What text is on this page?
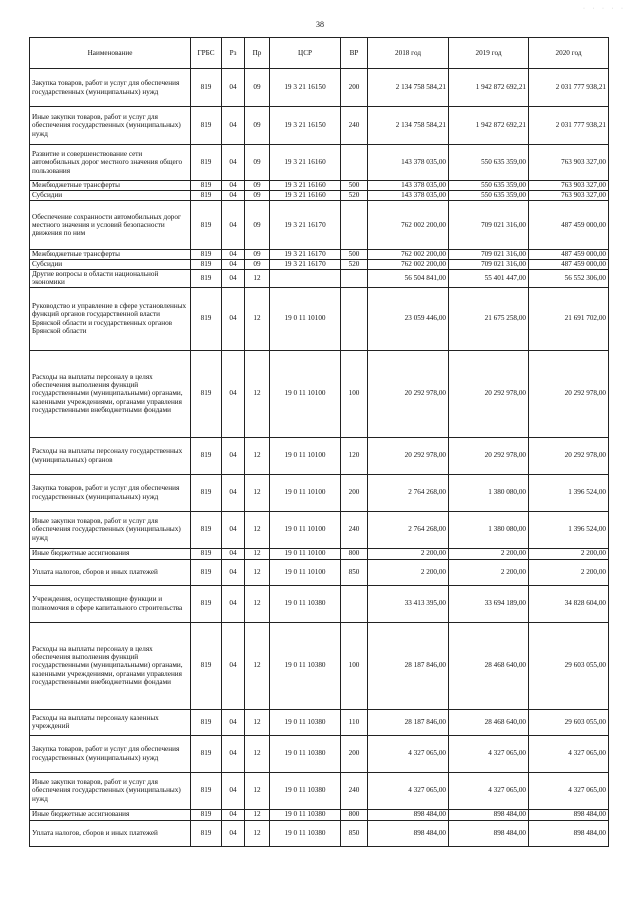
· · · · ·
38
Наименование	ГРБС	Рз	Пр	ЦСР	ВР	2018 год	2019 год	2020 год
Закупка товаров, работ и услуг для обеспечения государственных (муниципальных) нужд	819	04	09	19 3 21 16150	200	2 134 758 584,21	1 942 872 692,21	2 031 777 938,21
Иные закупки товаров, работ и услуг для обеспечения государственных (муниципальных) нужд	819	04	09	19 3 21 16150	240	2 134 758 584,21	1 942 872 692,21	2 031 777 938,21
Развитие и совершенствование сети автомобильных дорог местного значения общего пользования	819	04	09	19 3 21 16160		143 378 035,00	550 635 359,00	763 903 327,00
Межбюджетные трансферты	819	04	09	19 3 21 16160	500	143 378 035,00	550 635 359,00	763 903 327,00
Субсидии	819	04	09	19 3 21 16160	520	143 378 035,00	550 635 359,00	763 903 327,00
Обеспечение сохранности автомобильных дорог местного значения и условий безопасности движения по ним	819	04	09	19 3 21 16170		762 002 200,00	709 021 316,00	487 459 000,00
Межбюджетные трансферты	819	04	09	19 3 21 16170	500	762 002 200,00	709 021 316,00	487 459 000,00
Субсидии	819	04	09	19 3 21 16170	520	762 002 200,00	709 021 316,00	487 459 000,00
Другие вопросы в области национальной экономики	819	04	12			56 504 841,00	55 401 447,00	56 552 306,00
Руководство и управление в сфере установленных функций органов государственной власти Брянской области и государственных органов Брянской области	819	04	12	19 0 11 10100		23 059 446,00	21 675 258,00	21 691 702,00
Расходы на выплаты персоналу в целях обеспечения выполнения функций государственными (муниципальными) органами, казенными учреждениями, органами управления государственными внебюджетными фондами	819	04	12	19 0 11 10100	100	20 292 978,00	20 292 978,00	20 292 978,00
Расходы на выплаты персоналу государственных (муниципальных) органов	819	04	12	19 0 11 10100	120	20 292 978,00	20 292 978,00	20 292 978,00
Закупка товаров, работ и услуг для обеспечения государственных (муниципальных) нужд	819	04	12	19 0 11 10100	200	2 764 268,00	1 380 080,00	1 396 524,00
Иные закупки товаров, работ и услуг для обеспечения государственных (муниципальных) нужд	819	04	12	19 0 11 10100	240	2 764 268,00	1 380 080,00	1 396 524,00
Иные бюджетные ассигнования	819	04	12	19 0 11 10100	800	2 200,00	2 200,00	2 200,00
Уплата налогов, сборов и иных платежей	819	04	12	19 0 11 10100	850	2 200,00	2 200,00	2 200,00
Учреждения, осуществляющие функции и полномочия в сфере капитального строительства	819	04	12	19 0 11 10380		33 413 395,00	33 694 189,00	34 828 604,00
Расходы на выплаты персоналу в целях обеспечения выполнения функций государственными (муниципальными) органами, казенными учреждениями, органами управления государственными внебюджетными фондами	819	04	12	19 0 11 10380	100	28 187 846,00	28 468 640,00	29 603 055,00
Расходы на выплаты персоналу казенных учреждений	819	04	12	19 0 11 10380	110	28 187 846,00	28 468 640,00	29 603 055,00
Закупка товаров, работ и услуг для обеспечения государственных (муниципальных) нужд	819	04	12	19 0 11 10380	200	4 327 065,00	4 327 065,00	4 327 065,00
Иные закупки товаров, работ и услуг для обеспечения государственных (муниципальных) нужд	819	04	12	19 0 11 10380	240	4 327 065,00	4 327 065,00	4 327 065,00
Иные бюджетные ассигнования	819	04	12	19 0 11 10380	800	898 484,00	898 484,00	898 484,00
Уплата налогов, сборов и иных платежей	819	04	12	19 0 11 10380	850	898 484,00	898 484,00	898 484,00
